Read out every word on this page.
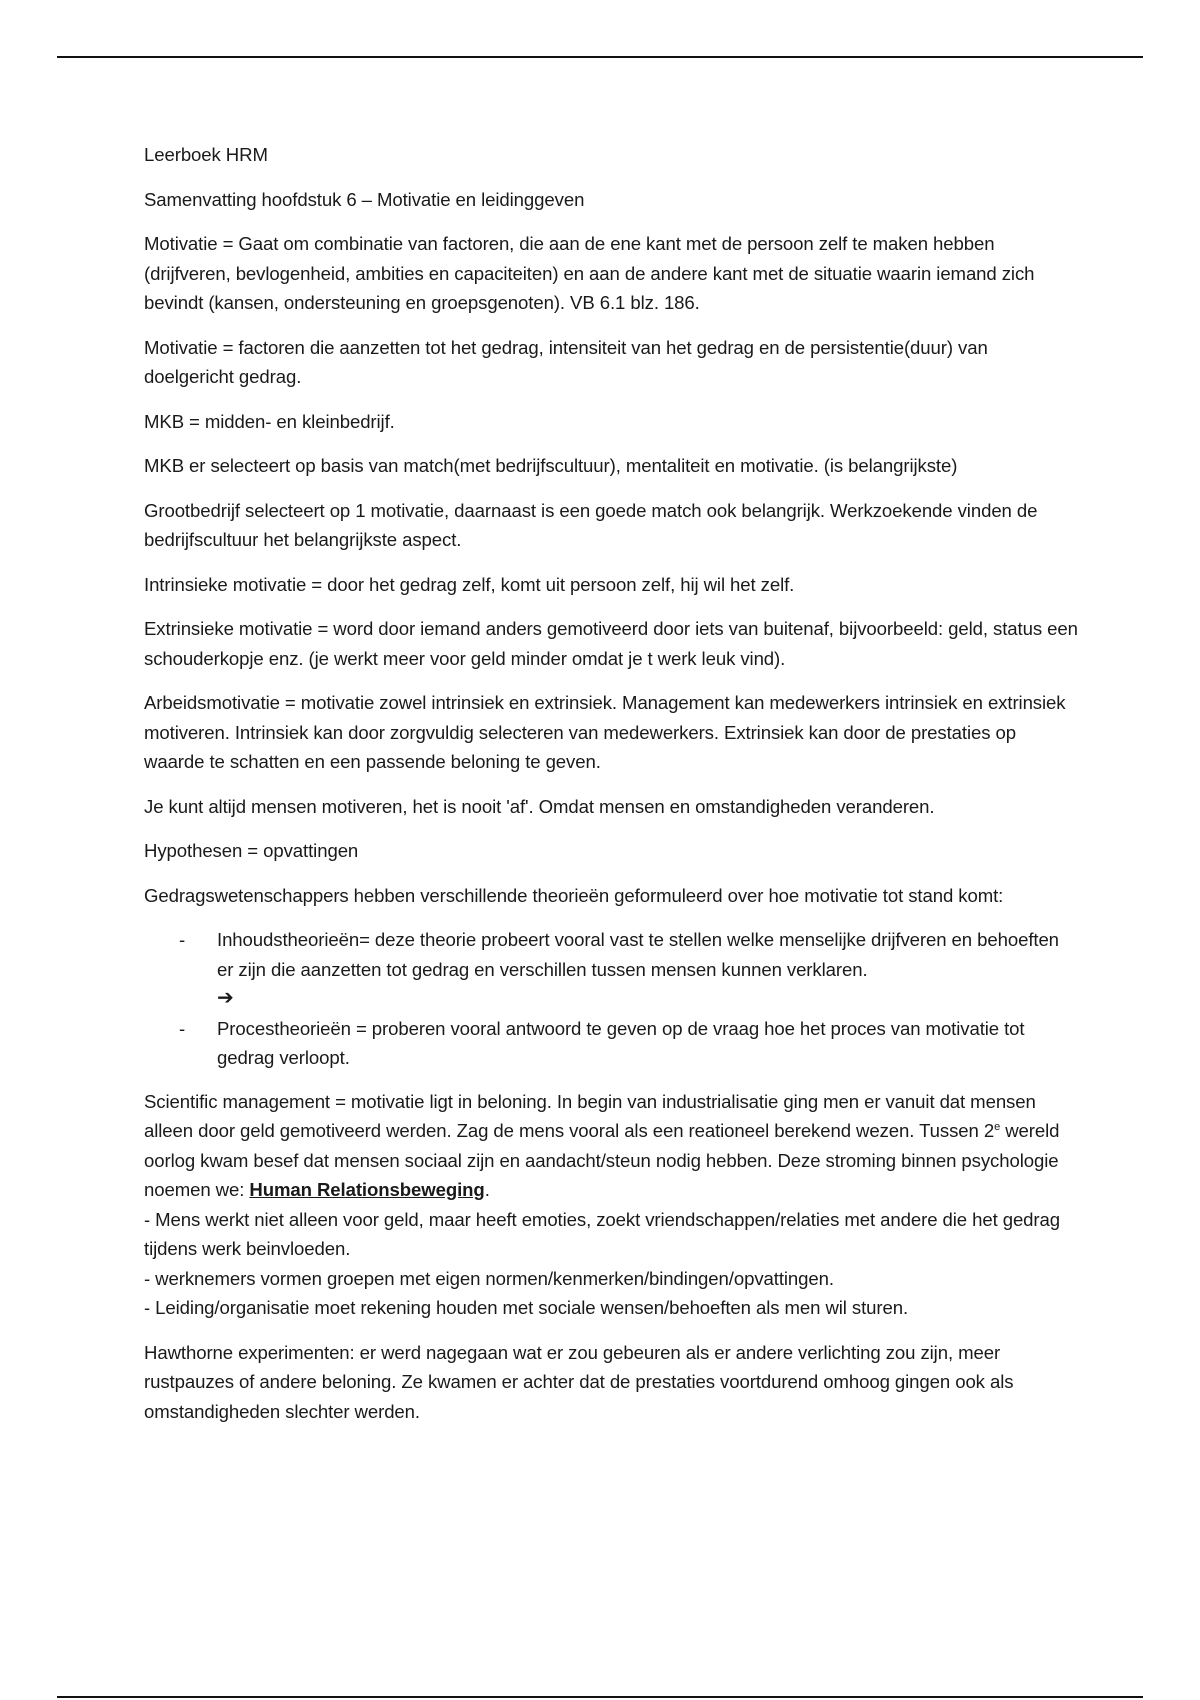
Leerboek HRM

Samenvatting hoofdstuk 6 – Motivatie en leidinggeven

Motivatie = Gaat om combinatie van factoren, die aan de ene kant met de persoon zelf te maken hebben (drijfveren, bevlogenheid, ambities en capaciteiten) en aan de andere kant met de situatie waarin iemand zich bevindt (kansen, ondersteuning en groepsgenoten). VB 6.1 blz. 186.

Motivatie = factoren die aanzetten tot het gedrag, intensiteit van het gedrag en de persistentie(duur) van doelgericht gedrag.

MKB = midden- en kleinbedrijf.

MKB er selecteert op basis van match(met bedrijfscultuur), mentaliteit en motivatie. (is belangrijkste)

Grootbedrijf selecteert op 1 motivatie, daarnaast is een goede match ook belangrijk. Werkzoekende vinden de bedrijfscultuur het belangrijkste aspect.

Intrinsieke motivatie = door het gedrag zelf, komt uit persoon zelf, hij wil het zelf.

Extrinsieke motivatie = word door iemand anders gemotiveerd door iets van buitenaf, bijvoorbeeld: geld, status een schouderkopje enz. (je werkt meer voor geld minder omdat je t werk leuk vind).

Arbeidsmotivatie = motivatie zowel intrinsiek en extrinsiek. Management kan medewerkers intrinsiek en extrinsiek motiveren. Intrinsiek kan door zorgvuldig selecteren van medewerkers. Extrinsiek kan door de prestaties op waarde te schatten en een passende beloning te geven.

Je kunt altijd mensen motiveren, het is nooit 'af'. Omdat mensen en omstandigheden veranderen.

Hypothesen = opvattingen

Gedragswetenschappers hebben verschillende theorieën geformuleerd over hoe motivatie tot stand komt:

- Inhoudstheorieën= deze theorie probeert vooral vast te stellen welke menselijke drijfveren en behoeften er zijn die aanzetten tot gedrag en verschillen tussen mensen kunnen verklaren.
➔
- Procestheorieën = proberen vooral antwoord te geven op de vraag hoe het proces van motivatie tot gedrag verloopt.

Scientific management = motivatie ligt in beloning. In begin van industrialisatie ging men er vanuit dat mensen alleen door geld gemotiveerd werden. Zag de mens vooral als een reationeel berekend wezen. Tussen 2e wereld oorlog kwam besef dat mensen sociaal zijn en aandacht/steun nodig hebben. Deze stroming binnen psychologie noemen we: Human Relationsbeweging.
- Mens werkt niet alleen voor geld, maar heeft emoties, zoekt vriendschappen/relaties met andere die het gedrag tijdens werk beinvloeden.
- werknemers vormen groepen met eigen normen/kenmerken/bindingen/opvattingen.
- Leiding/organisatie moet rekening houden met sociale wensen/behoeften als men wil sturen.

Hawthorne experimenten: er werd nagegaan wat er zou gebeuren als er andere verlichting zou zijn, meer rustpauzes of andere beloning. Ze kwamen er achter dat de prestaties voortdurend omhoog gingen ook als omstandigheden slechter werden.
